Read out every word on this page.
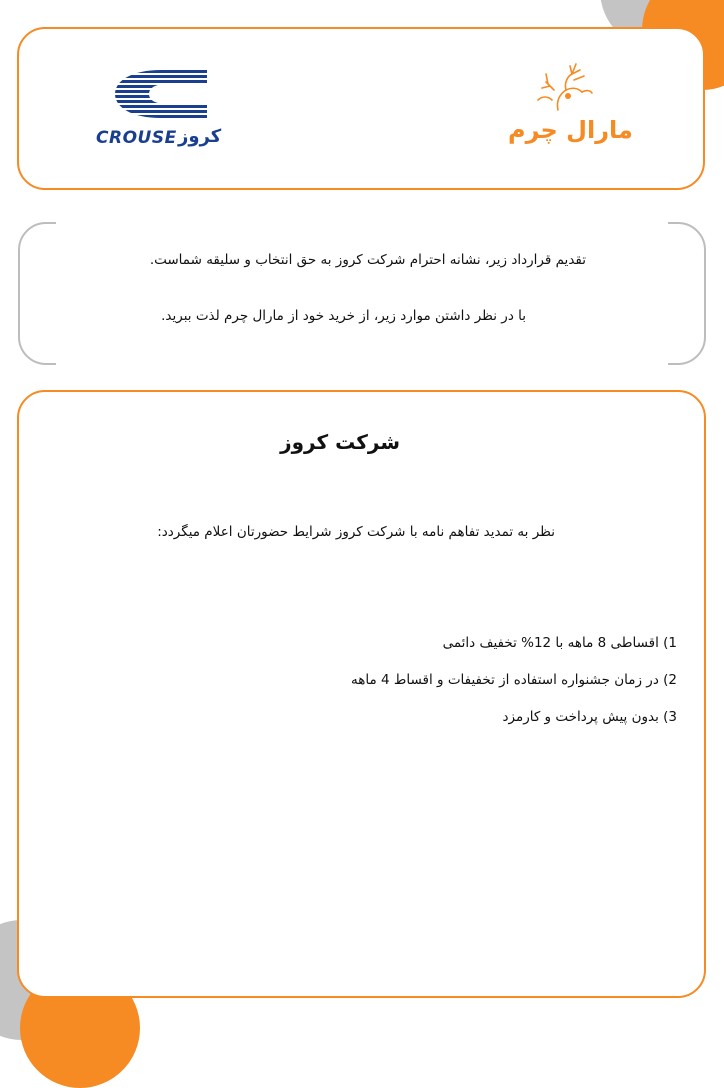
CROUSE کروز	مارال چرم
تقدیم قرارداد زیر، نشانه احترام شرکت کروز به حق انتخاب و سلیقه شماست.
با در نظر داشتن موارد زیر، از خرید خود از مارال چرم لذت ببرید.
شرکت کروز
نظر به تمدید تفاهم نامه با شرکت کروز شرایط حضورتان اعلام میگردد:
1) اقساطی 8 ماهه با 12% تخفیف دائمی
2) در زمان جشنواره استفاده از تخفیفات و اقساط 4 ماهه
3) بدون پیش پرداخت و کارمزد
